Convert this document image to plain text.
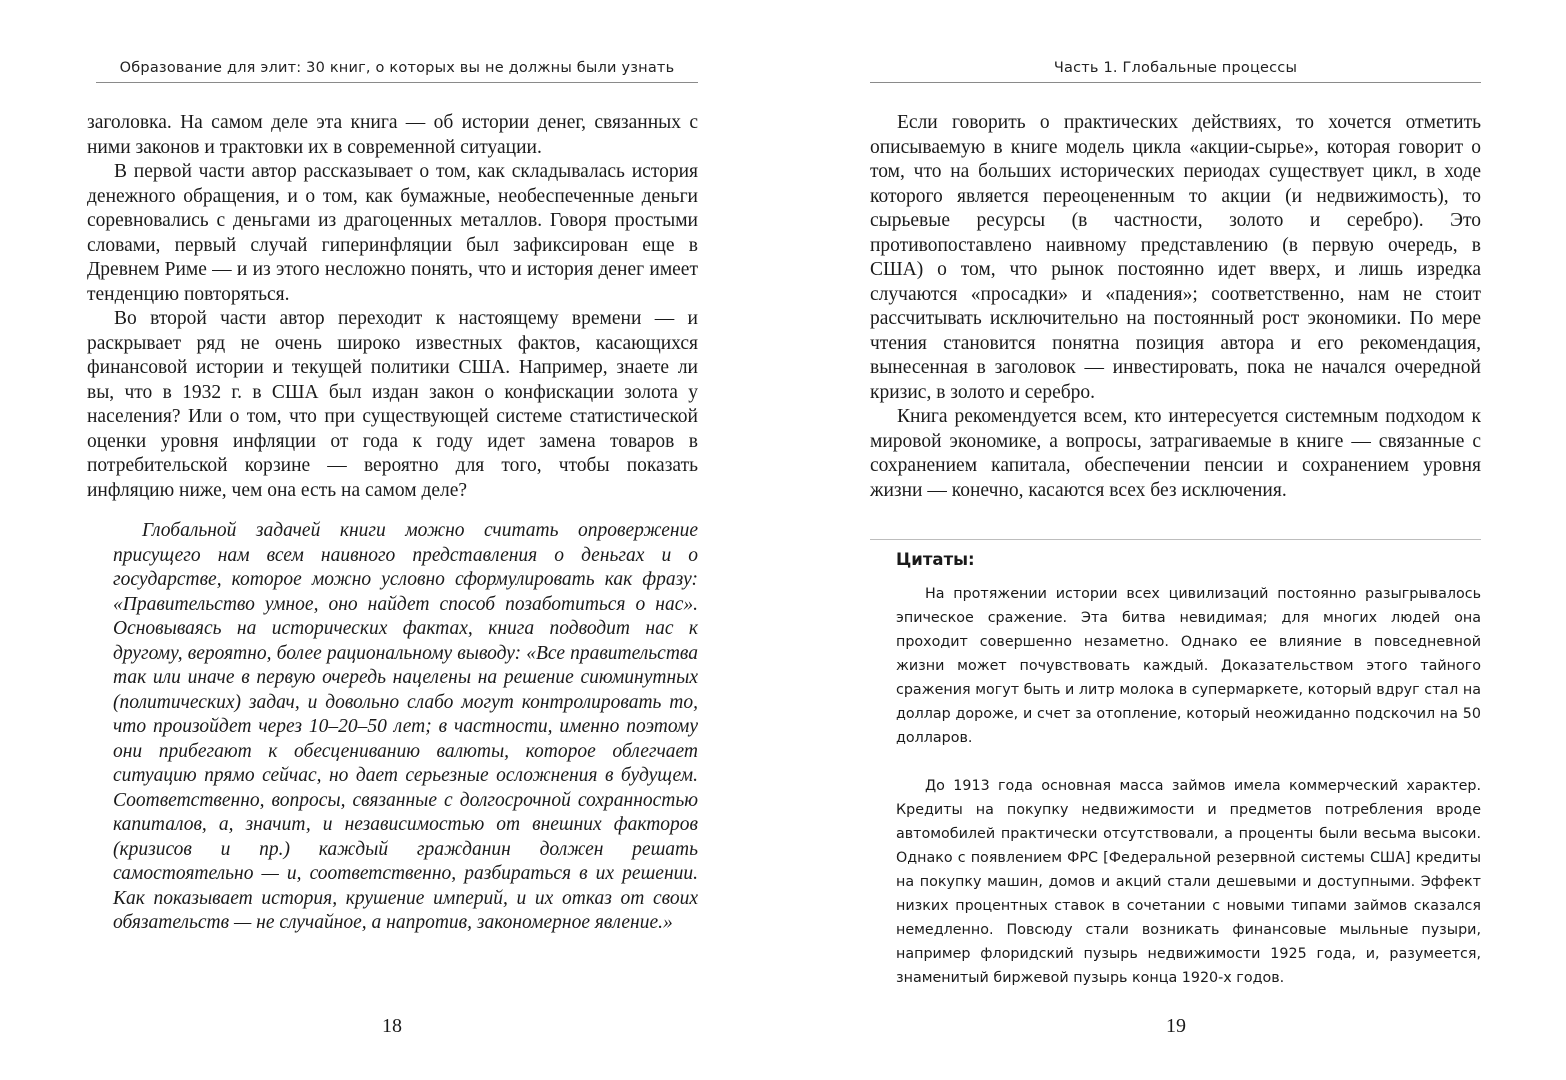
Образование для элит: 30 книг, о которых вы не должны были узнать

заголовка. На самом деле эта книга — об истории денег, связанных с ними законов и трактовки их в современной ситуации.

В первой части автор рассказывает о том, как складывалась история денежного обращения, и о том, как бумажные, необеспеченные деньги соревновались с деньгами из драгоценных металлов. Говоря простыми словами, первый случай гиперинфляции был зафиксирован еще в Древнем Риме — и из этого несложно понять, что и история денег имеет тенденцию повторяться.

Во второй части автор переходит к настоящему времени — и раскрывает ряд не очень широко известных фактов, касающихся финансовой истории и текущей политики США. Например, знаете ли вы, что в 1932 г. в США был издан закон о конфискации золота у населения? Или о том, что при существующей системе статистической оценки уровня инфляции от года к году идет замена товаров в потребительской корзине — вероятно для того, чтобы показать инфляцию ниже, чем она есть на самом деле?

Глобальной задачей книги можно считать опровержение присущего нам всем наивного представления о деньгах и о государстве, которое можно условно сформулировать как фразу: «Правительство умное, оно найдет способ позаботиться о нас». Основываясь на исторических фактах, книга подводит нас к другому, вероятно, более рациональному выводу: «Все правительства так или иначе в первую очередь нацелены на решение сиюминутных (политических) задач, и довольно слабо могут контролировать то, что произойдет через 10–20–50 лет; в частности, именно поэтому они прибегают к обесцениванию валюты, которое облегчает ситуацию прямо сейчас, но дает серьезные осложнения в будущем. Соответственно, вопросы, связанные с долгосрочной сохранностью капиталов, а, значит, и независимостью от внешних факторов (кризисов и пр.) каждый гражданин должен решать самостоятельно — и, соответственно, разбираться в их решении. Как показывает история, крушение империй, и их отказ от своих обязательств — не случайное, а напротив, закономерное явление.»

18
Часть 1. Глобальные процессы

Если говорить о практических действиях, то хочется отметить описываемую в книге модель цикла «акции-сырье», которая говорит о том, что на больших исторических периодах существует цикл, в ходе которого является переоцененным то акции (и недвижимость), то сырьевые ресурсы (в частности, золото и серебро). Это противопоставлено наивному представлению (в первую очередь, в США) о том, что рынок постоянно идет вверх, и лишь изредка случаются «просадки» и «падения»; соответственно, нам не стоит рассчитывать исключительно на постоянный рост экономики. По мере чтения становится понятна позиция автора и его рекомендация, вынесенная в заголовок — инвестировать, пока не начался очередной кризис, в золото и серебро.

Книга рекомендуется всем, кто интересуется системным подходом к мировой экономике, а вопросы, затрагиваемые в книге — связанные с сохранением капитала, обеспечении пенсии и сохранением уровня жизни — конечно, касаются всех без исключения.

Цитаты:

На протяжении истории всех цивилизаций постоянно разыгрывалось эпическое сражение. Эта битва невидимая; для многих людей она проходит совершенно незаметно. Однако ее влияние в повседневной жизни может почувствовать каждый. Доказательством этого тайного сражения могут быть и литр молока в супермаркете, который вдруг стал на доллар дороже, и счет за отопление, который неожиданно подскочил на 50 долларов.

До 1913 года основная масса займов имела коммерческий характер. Кредиты на покупку недвижимости и предметов потребления вроде автомобилей практически отсутствовали, а проценты были весьма высоки. Однако с появлением ФРС [Федеральной резервной системы США] кредиты на покупку машин, домов и акций стали дешевыми и доступными. Эффект низких процентных ставок в сочетании с новыми типами займов сказался немедленно. Повсюду стали возникать финансовые мыльные пузыри, например флоридский пузырь недвижимости 1925 года, и, разумеется, знаменитый биржевой пузырь конца 1920-х годов.

19
